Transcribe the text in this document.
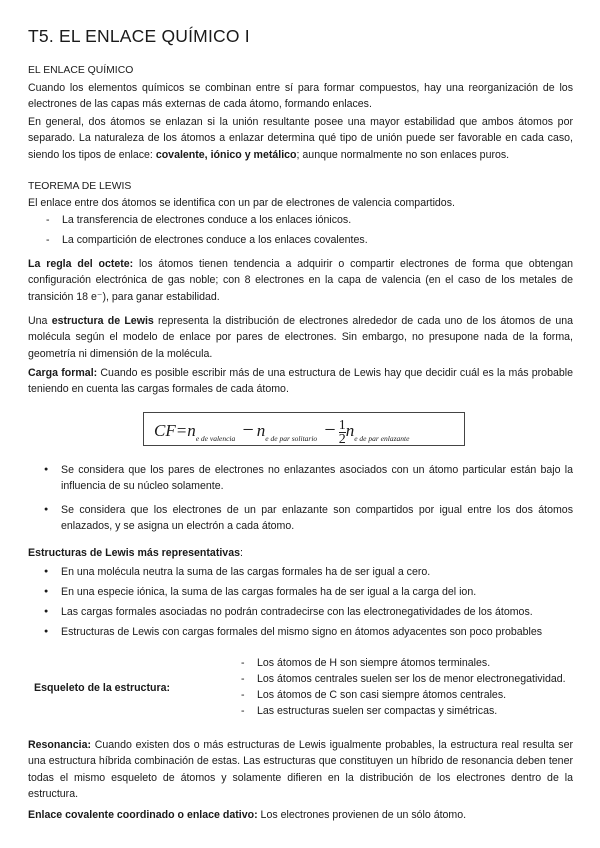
T5. EL ENLACE QUÍMICO I
EL ENLACE QUÍMICO

Cuando los elementos químicos se combinan entre sí para formar compuestos, hay una reorganización de los electrones de las capas más externas de cada átomo, formando enlaces.

En general, dos átomos se enlazan si la unión resultante posee una mayor estabilidad que ambos átomos por separado. La naturaleza de los átomos a enlazar determina qué tipo de unión puede ser favorable en cada caso, siendo los tipos de enlace: covalente, iónico y metálico; aunque normalmente no son enlaces puros.

TEOREMA DE LEWIS

El enlace entre dos átomos se identifica con un par de electrones de valencia compartidos.

- La transferencia de electrones conduce a los enlaces iónicos.
- La compartición de electrones conduce a los enlaces covalentes.

La regla del octete: los átomos tienen tendencia a adquirir o compartir electrones de forma que obtengan configuración electrónica de gas noble; con 8 electrones en la capa de valencia (en el caso de los metales de transición 18 e⁻), para ganar estabilidad.

Una estructura de Lewis representa la distribución de electrones alrededor de cada uno de los átomos de una molécula según el modelo de enlace por pares de electrones. Sin embargo, no presupone nada de la forma, geometría ni dimensión de la molécula.

Carga formal: Cuando es posible escribir más de una estructura de Lewis hay que decidir cuál es la más probable teniendo en cuenta las cargas formales de cada átomo.

$CF=n_{e de valencia} - n_{e de par solitario} - \frac{1}{2} n_{e de par enlazante}$
● Se considera que los pares de electrones no enlazantes asociados con un átomo particular están bajo la influencia de su núcleo solamente.
● Se considera que los electrones de un par enlazante son compartidos por igual entre los dos átomos enlazados, y se asigna un electrón a cada átomo.

Estructuras de Lewis más representativas:

● En una molécula neutra la suma de las cargas formales ha de ser igual a cero.
● En una especie iónica, la suma de las cargas formales ha de ser igual a la carga del ion.
● Las cargas formales asociadas no podrán contradecirse con las electronegatividades de los átomos.
● Estructuras de Lewis con cargas formales del mismo signo en átomos adyacentes son poco probables
Esqueleto de la estructura:
- Los átomos de H son siempre átomos terminales.
- Los átomos centrales suelen ser los de menor electronegatividad.
- Los átomos de C son casi siempre átomos centrales.
- Las estructuras suelen ser compactas y simétricas.

Resonancia: Cuando existen dos o más estructuras de Lewis igualmente probables, la estructura real resulta ser una estructura híbrida combinación de estas. Las estructuras que constituyen un híbrido de resonancia deben tener todas el mismo esqueleto de átomos y solamente difieren en la distribución de los electrones dentro de la estructura.

Enlace covalente coordinado o enlace dativo: Los electrones provienen de un sólo átomo.
